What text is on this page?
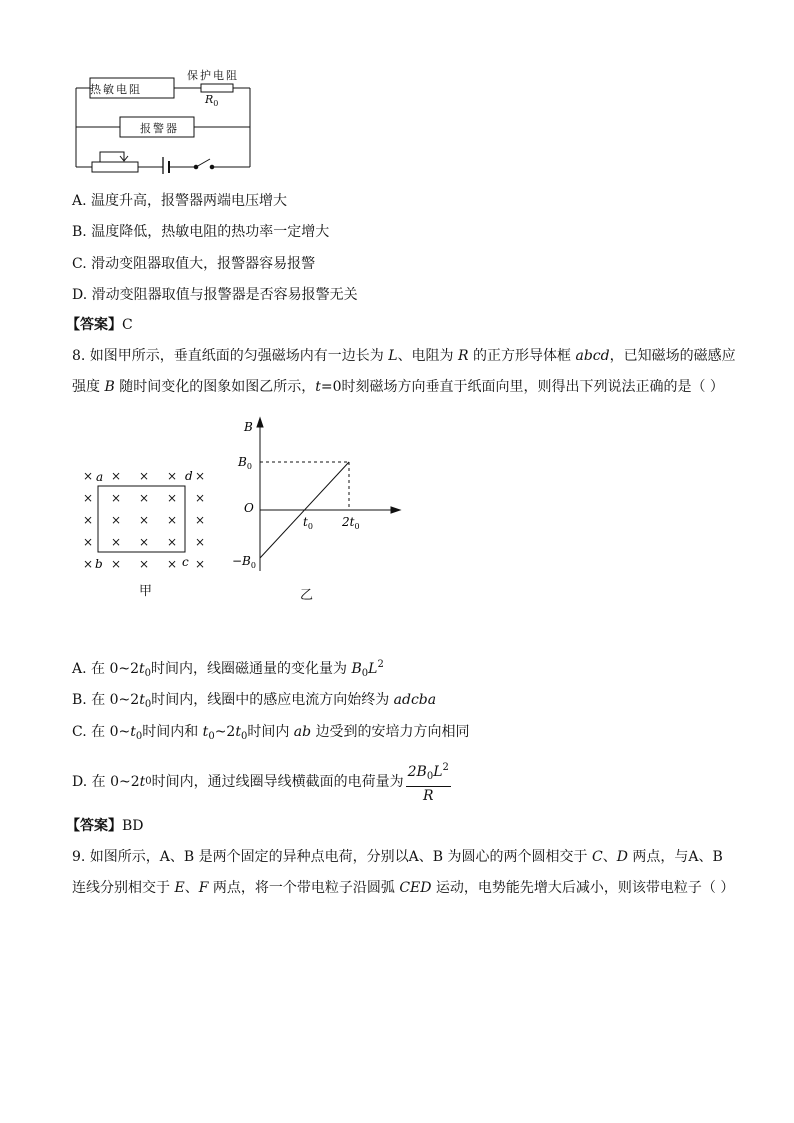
热敏电阻
保护电阻
$R_0$
报警器
A. 温度升高，报警器两端电压增大
B. 温度降低，热敏电阻的热功率一定增大
C. 滑动变阻器取值大，报警器容易报警
D. 滑动变阻器取值与报警器是否容易报警无关
【答案】C
8. 如图甲所示，垂直纸面的匀强磁场内有一边长为 L、电阻为 R 的正方形导体框 abcd，已知磁场的磁感应
强度 B 随时间变化的图象如图乙所示，t=0时刻磁场方向垂直于纸面向里，则得出下列说法正确的是（ ）
× × × × ×
× × × × ×
× × × × ×
× × × × ×
× × × × ×
a	d
b	c
甲
B
$B_0$
O
$-B_0$
$t_0$ $2t_0$
乙
A. 在 $0\sim 2t_0$时间内，线圈磁通量的变化量为 $B_0L^2$
B. 在 $0\sim 2t_0$时间内，线圈中的感应电流方向始终为 adcba
C. 在 $0\sim t_0$时间内和 $t_0\sim 2t_0$时间内 ab 边受到的安培力方向相同
D. 在 0~2 t 0 时间内，通过线圈导线横截面的电荷量为 $\frac{2B_0L^2}{R}$
【答案】BD
9. 如图所示，A、B 是两个固定的异种点电荷，分别以A、B 为圆心的两个圆相交于 C、D 两点，与A、B
连线分别相交于 E、F 两点，将一个带电粒子沿圆弧 CED 运动，电势能先增大后减小，则该带电粒子（ ）
